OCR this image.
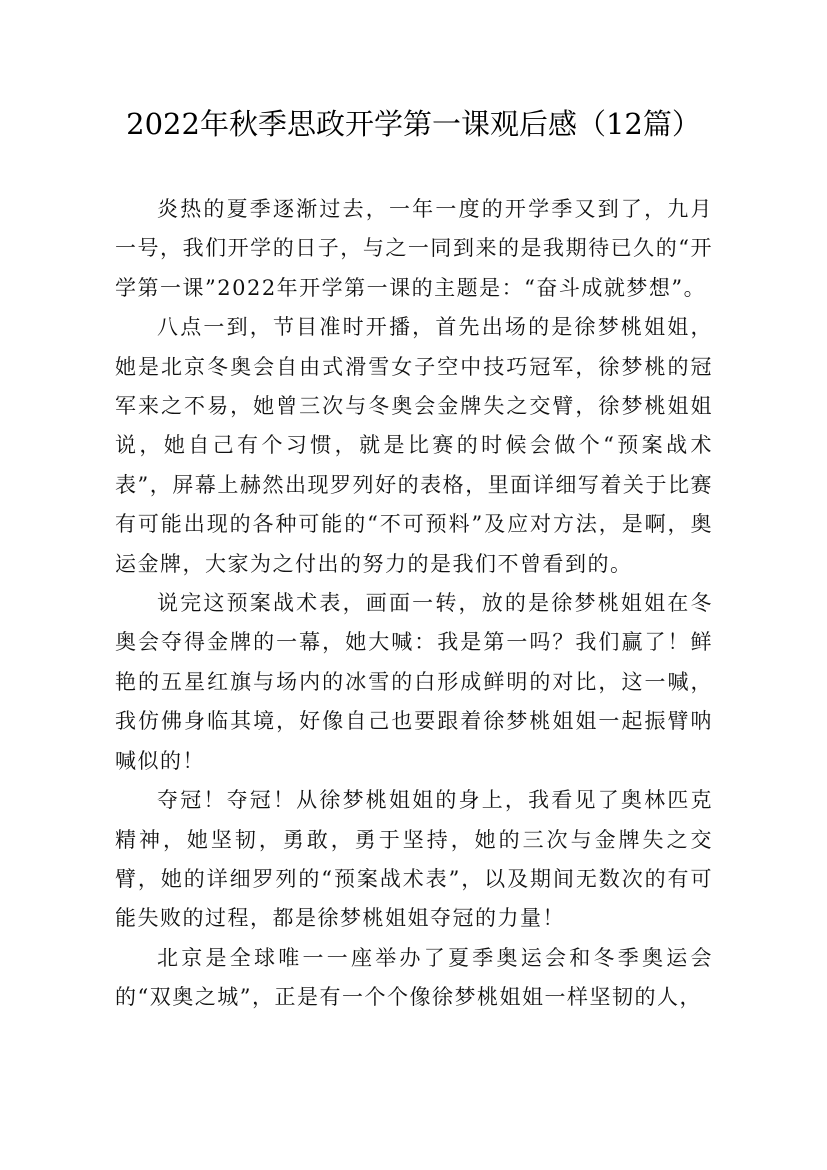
2022年秋季思政开学第一课观后感（12篇）

炎热的夏季逐渐过去，一年一度的开学季又到了，九月一号，我们开学的日子，与之一同到来的是我期待已久的“开学第一课”2022年开学第一课的主题是：“奋斗成就梦想”。

八点一到，节目准时开播，首先出场的是徐梦桃姐姐，她是北京冬奥会自由式滑雪女子空中技巧冠军，徐梦桃的冠军来之不易，她曾三次与冬奥会金牌失之交臂，徐梦桃姐姐说，她自己有个习惯，就是比赛的时候会做个“预案战术表”，屏幕上赫然出现罗列好的表格，里面详细写着关于比赛有可能出现的各种可能的“不可预料”及应对方法，是啊，奥运金牌，大家为之付出的努力的是我们不曾看到的。

说完这预案战术表，画面一转，放的是徐梦桃姐姐在冬奥会夺得金牌的一幕，她大喊：我是第一吗？我们赢了！鲜艳的五星红旗与场内的冰雪的白形成鲜明的对比，这一喊，我仿佛身临其境，好像自己也要跟着徐梦桃姐姐一起振臂呐喊似的！

夺冠！夺冠！从徐梦桃姐姐的身上，我看见了奥林匹克精神，她坚韧，勇敢，勇于坚持，她的三次与金牌失之交臂，她的详细罗列的“预案战术表”，以及期间无数次的有可能失败的过程，都是徐梦桃姐姐夺冠的力量！

北京是全球唯一一座举办了夏季奥运会和冬季奥运会的“双奥之城”，正是有一个个像徐梦桃姐姐一样坚韧的人，
